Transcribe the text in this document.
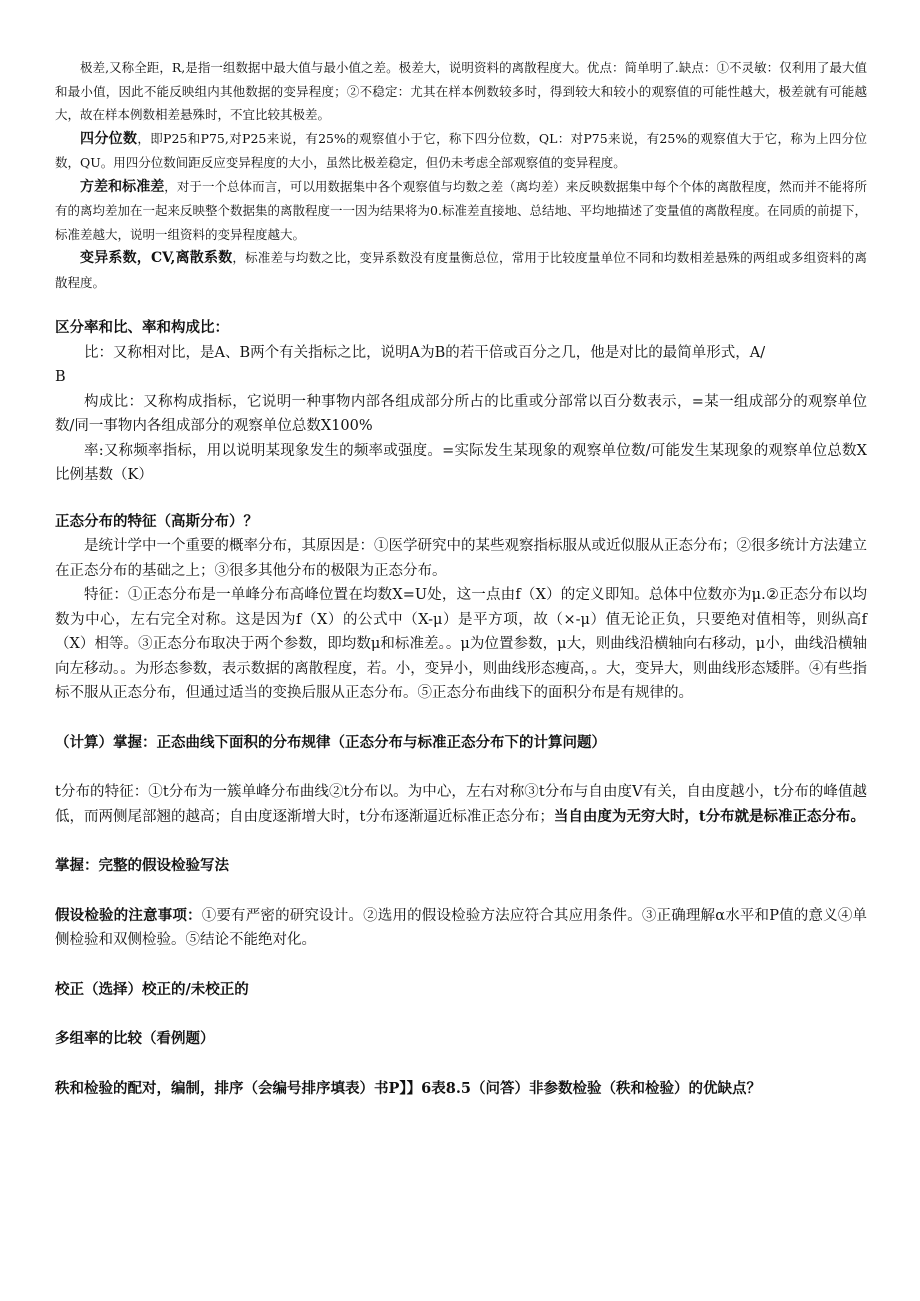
极差,又称全距，R,是指一组数据中最大值与最小值之差。极差大，说明资料的离散程度大。优点：简单明了.缺点：①不灵敏：仅利用了最大值和最小值，因此不能反映组内其他数据的变异程度；②不稳定：尤其在样本例数较多时，得到较大和较小的观察值的可能性越大，极差就有可能越大，故在样本例数相差悬殊时，不宜比较其极差。

四分位数，即P25和P75,对P25来说，有25%的观察值小于它，称下四分位数，QL：对P75来说，有25%的观察值大于它，称为上四分位数，QU。用四分位数间距反应变异程度的大小，虽然比极差稳定，但仍未考虑全部观察值的变异程度。

方差和标准差，对于一个总体而言，可以用数据集中各个观察值与均数之差（离均差）来反映数据集中每个个体的离散程度，然而并不能将所有的离均差加在一起来反映整个数据集的离散程度一一因为结果将为0.标准差直接地、总结地、平均地描述了变量值的离散程度。在同质的前提下，标准差越大，说明一组资料的变异程度越大。

变异系数，CV,离散系数，标准差与均数之比，变异系数没有度量衡总位，常用于比较度量单位不同和均数相差悬殊的两组或多组资料的离散程度。

区分率和比、率和构成比：

比：又称相对比，是A、B两个有关指标之比，说明A为B的若干倍或百分之几，他是对比的最简单形式，A/

B

构成比：又称构成指标，它说明一种事物内部各组成部分所占的比重或分部常以百分数表示，=某一组成部分的观察单位数/同一事物内各组成部分的观察单位总数X100%

率:又称频率指标，用以说明某现象发生的频率或强度。=实际发生某现象的观察单位数/可能发生某现象的观察单位总数X比例基数（K）

正态分布的特征（高斯分布）？

是统计学中一个重要的概率分布，其原因是：①医学研究中的某些观察指标服从或近似服从正态分布；②很多统计方法建立在正态分布的基础之上；③很多其他分布的极限为正态分布。

特征：①正态分布是一单峰分布高峰位置在均数X=U处，这一点由f（X）的定义即知。总体中位数亦为μ.②正态分布以均数为中心，左右完全对称。这是因为f（X）的公式中（X-μ）是平方项，故（×-μ）值无论正负，只要绝对值相等，则纵高f（X）相等。③正态分布取决于两个参数，即均数μ和标准差。。μ为位置参数，μ大，则曲线沿横轴向右移动，μ小，曲线沿横轴向左移动。。为形态参数，表示数据的离散程度，若。小，变异小，则曲线形态瘦高，。大，变异大，则曲线形态矮胖。④有些指标不服从正态分布，但通过适当的变换后服从正态分布。⑤正态分布曲线下的面积分布是有规律的。

（计算）掌握：正态曲线下面积的分布规律（正态分布与标准正态分布下的计算问题）

t分布的特征：①t分布为一簇单峰分布曲线②t分布以。为中心，左右对称③t分布与自由度V有关，自由度越小，t分布的峰值越低，而两侧尾部翘的越高；自由度逐渐增大时，t分布逐渐逼近标准正态分布；当自由度为无穷大时，t分布就是标准正态分布。

掌握：完整的假设检验写法

假设检验的注意事项：①要有严密的研究设计。②选用的假设检验方法应符合其应用条件。③正确理解α水平和P值的意义④单侧检验和双侧检验。⑤结论不能绝对化。

校正（选择）校正的/未校正的

多组率的比较（看例题）

秩和检验的配对，编制，排序（会编号排序填表）书P】】6表8.5（问答）非参数检验（秩和检验）的优缺点？
